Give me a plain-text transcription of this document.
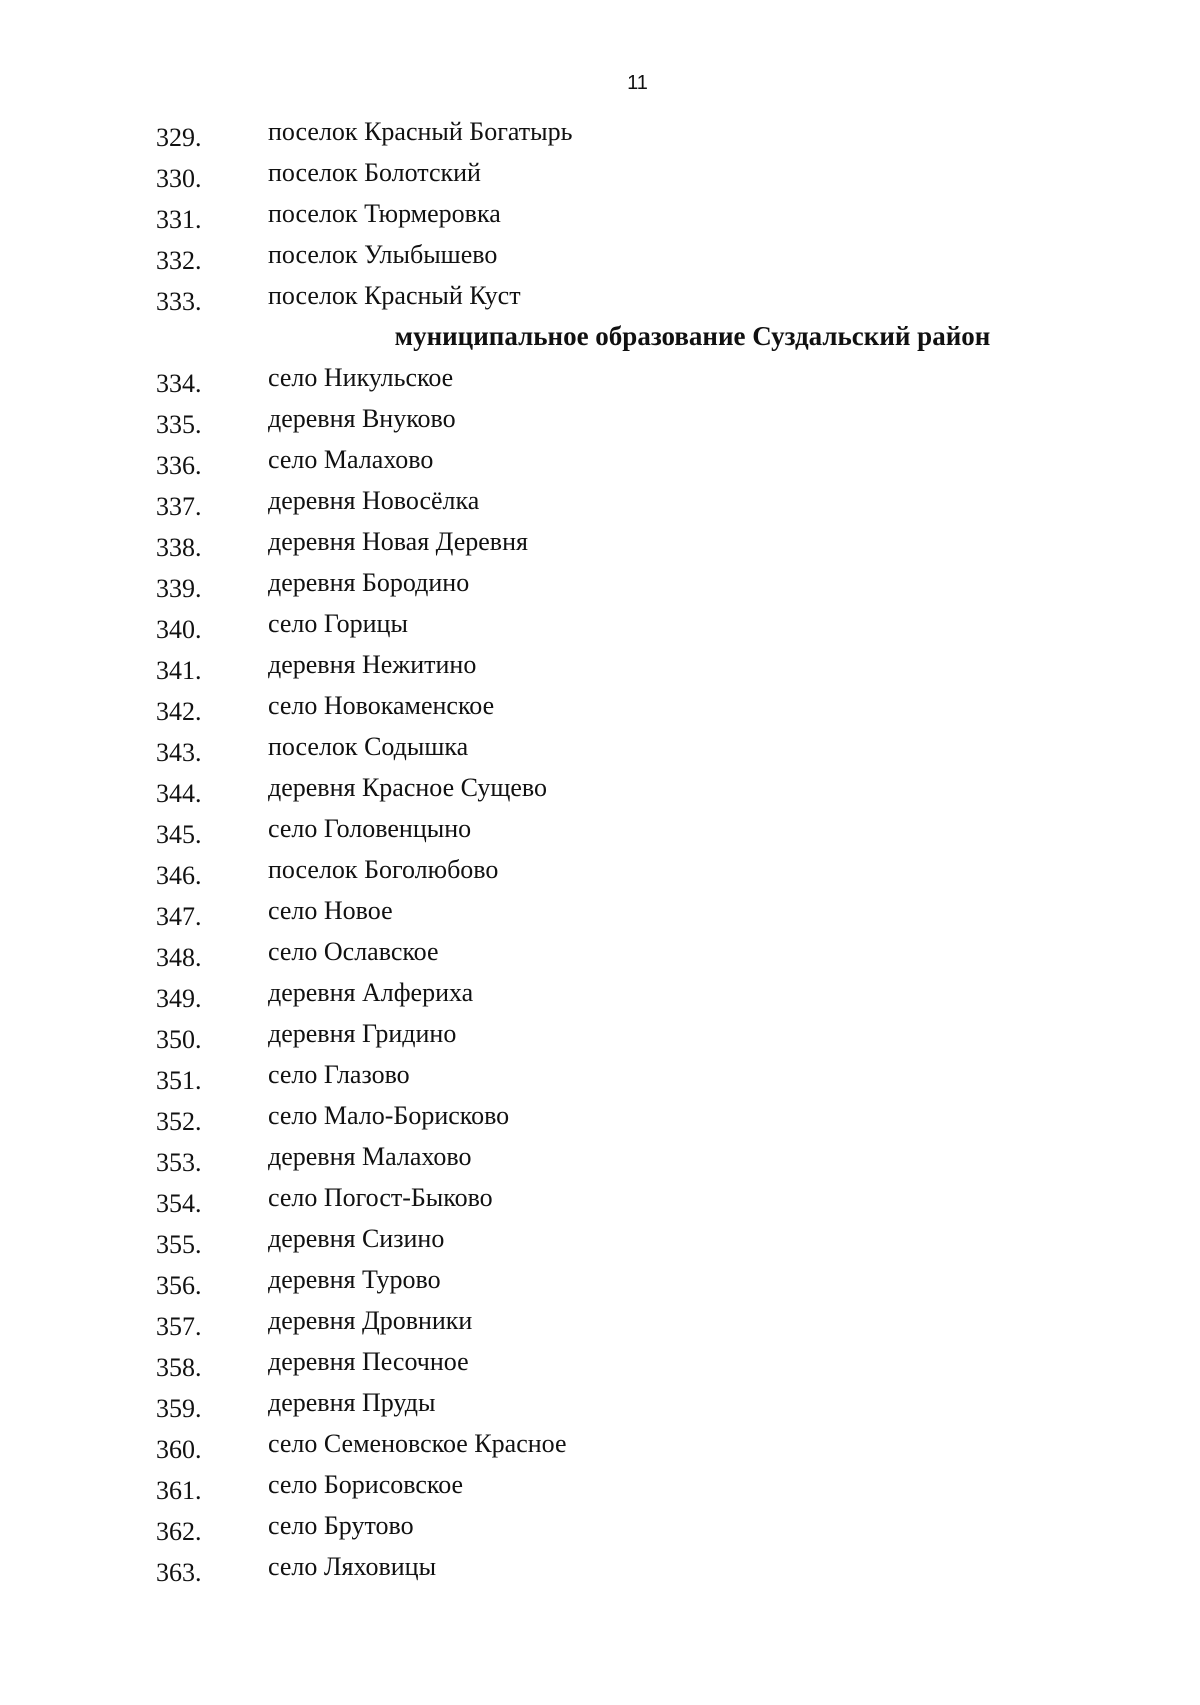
11
329.	поселок Красный Богатырь
330.	поселок Болотский
331.	поселок Тюрмеровка
332.	поселок Улыбышево
333.	поселок Красный Куст
муниципальное образование Суздальский район
334.	село Никульское
335.	деревня Внуково
336.	село Малахово
337.	деревня Новосёлка
338.	деревня Новая Деревня
339.	деревня Бородино
340.	село Горицы
341.	деревня Нежитино
342.	село Новокаменское
343.	поселок Содышка
344.	деревня Красное Сущево
345.	село Головенцыно
346.	поселок Боголюбово
347.	село Новое
348.	село Ославское
349.	деревня Алфериха
350.	деревня Гридино
351.	село Глазово
352.	село Мало-Борисково
353.	деревня Малахово
354.	село Погост-Быково
355.	деревня Сизино
356.	деревня Турово
357.	деревня Дровники
358.	деревня Песочное
359.	деревня Пруды
360.	село Семеновское Красное
361.	село Борисовское
362.	село Брутово
363.	село Ляховицы
